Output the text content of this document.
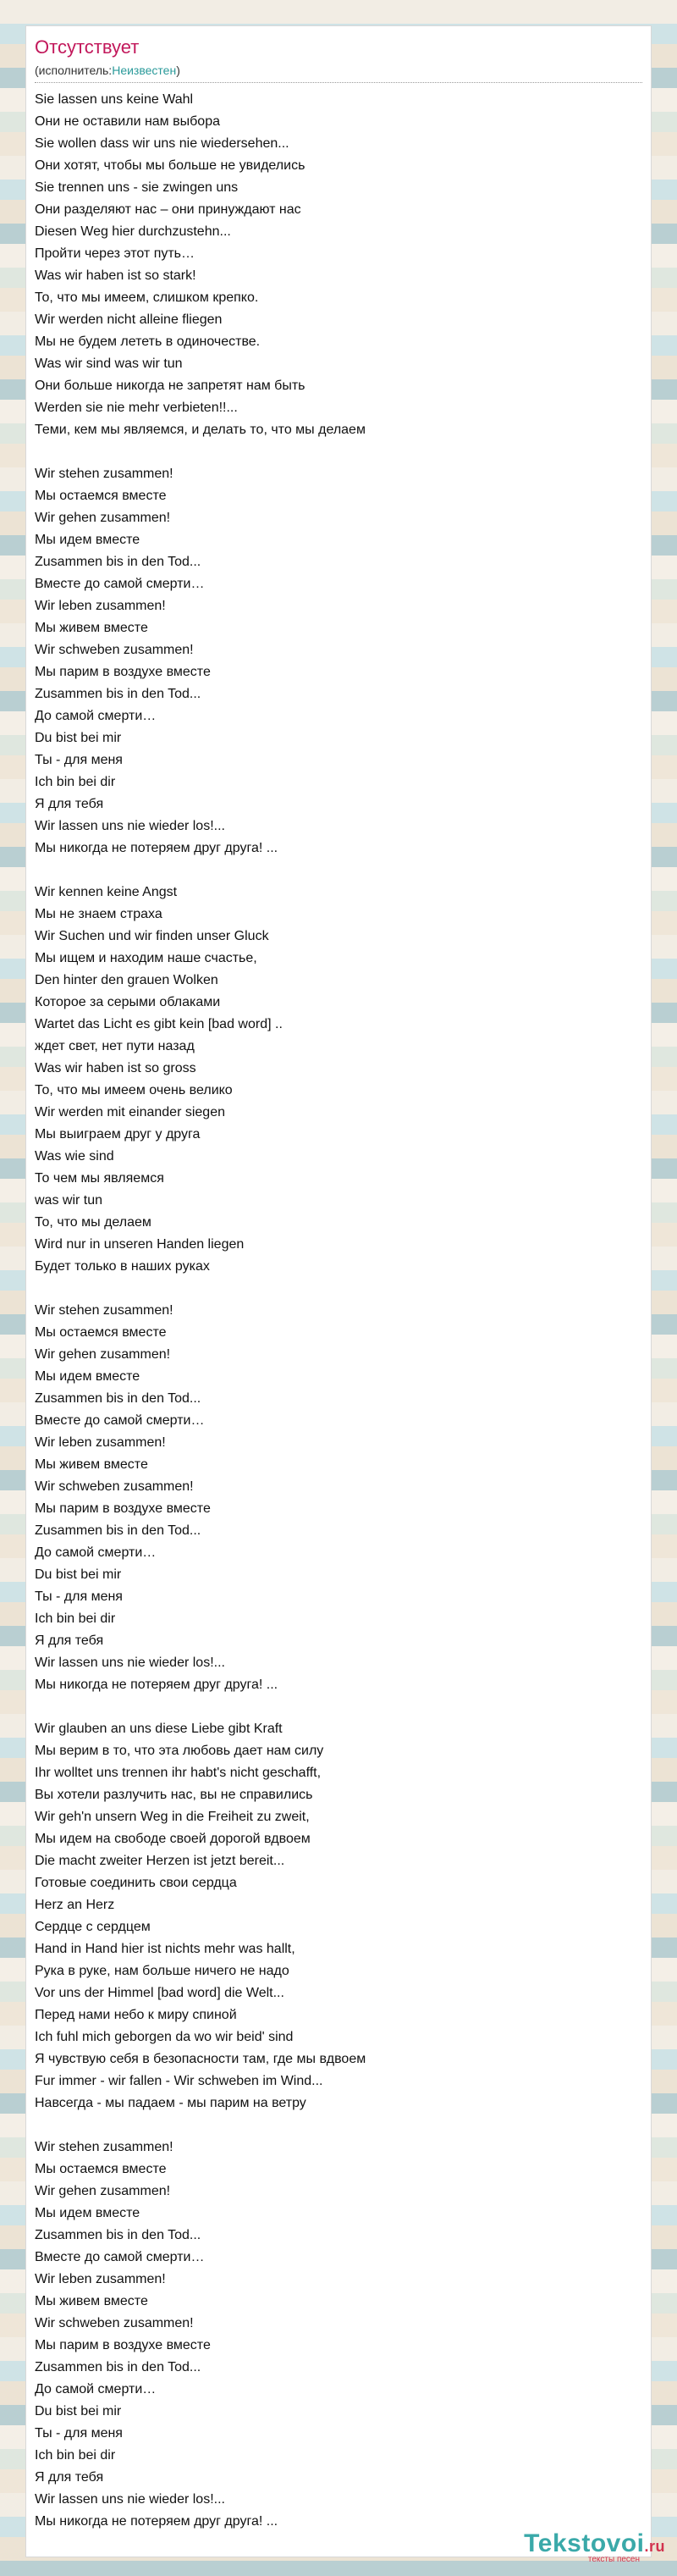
Отсутствует
(исполнитель:Неизвестен)
Sie lassen uns keine Wahl
Они не оставили нам выбора
Sie wollen dass wir uns nie wiedersehen...
Они хотят, чтобы мы больше не увиделись
Sie trennen uns - sie zwingen uns
Они разделяют нас – они принуждают нас
Diesen Weg hier durchzustehn...
Пройти через этот путь…
Was wir haben ist so stark!
То, что мы имеем, слишком крепко.
Wir werden nicht alleine fliegen
Мы не будем лететь в одиночестве.
Was wir sind was wir tun
Они больше никогда не запретят нам быть
Werden sie nie mehr verbieten!!...
Теми, кем мы являемся, и делать то, что мы делаем
Wir stehen zusammen!
Мы остаемся вместе
Wir gehen zusammen!
Мы идем вместе
Zusammen bis in den Tod...
Вместе до самой смерти…
Wir leben zusammen!
Мы живем вместе
Wir schweben zusammen!
Мы парим в воздухе вместе
Zusammen bis in den Tod...
До самой смерти…
Du bist bei mir
Ты - для меня
Ich bin bei dir
Я для тебя
Wir lassen uns nie wieder los!...
Мы никогда не потеряем друг друга! ...
Wir kennen keine Angst
Мы не знаем страха
Wir Suchen und wir finden unser Gluck
Мы ищем и находим наше счастье,
Den hinter den grauen Wolken
Которое за серыми облаками
Wartet das Licht es gibt kein [bad word] ..
ждет свет, нет пути назад
Was wir haben ist so gross
То, что мы имеем очень велико
Wir werden mit einander siegen
Мы выиграем друг у друга
Was wie sind
То чем мы являемся
was wir tun
То, что мы делаем
Wird nur in unseren Handen liegen
Будет только в наших руках
Wir stehen zusammen!
Мы остаемся вместе
Wir gehen zusammen!
Мы идем вместе
Zusammen bis in den Tod...
Вместе до самой смерти…
Wir leben zusammen!
Мы живем вместе
Wir schweben zusammen!
Мы парим в воздухе вместе
Zusammen bis in den Tod...
До самой смерти…
Du bist bei mir
Ты - для меня
Ich bin bei dir
Я для тебя
Wir lassen uns nie wieder los!...
Мы никогда не потеряем друг друга! ...
Wir glauben an uns diese Liebe gibt Kraft
Мы верим в то, что эта любовь дает нам силу
Ihr wolltet uns trennen ihr habt's nicht geschafft,
Вы хотели разлучить нас, вы не справились
Wir geh'n unsern Weg in die Freiheit zu zweit,
Мы идем на свободе своей дорогой вдвоем
Die macht zweiter Herzen ist jetzt bereit...
Готовые соединить свои сердца
Herz an Herz
Сердце с сердцем
Hand in Hand hier ist nichts mehr was hallt,
Рука в руке, нам больше ничего не надо
Vor uns der Himmel [bad word] die Welt...
Перед нами небо к миру спиной
Ich fuhl mich geborgen da wo wir beid' sind
Я чувствую себя в безопасности там, где мы вдвоем
Fur immer - wir fallen - Wir schweben im Wind...
Навсегда - мы падаем - мы парим на ветру
Wir stehen zusammen!
Мы остаемся вместе
Wir gehen zusammen!
Мы идем вместе
Zusammen bis in den Tod...
Вместе до самой смерти…
Wir leben zusammen!
Мы живем вместе
Wir schweben zusammen!
Мы парим в воздухе вместе
Zusammen bis in den Tod...
До самой смерти…
Du bist bei mir
Ты - для меня
Ich bin bei dir
Я для тебя
Wir lassen uns nie wieder los!...
Мы никогда не потеряем друг друга! ...
Tekstovoi.ru
тексты песен
